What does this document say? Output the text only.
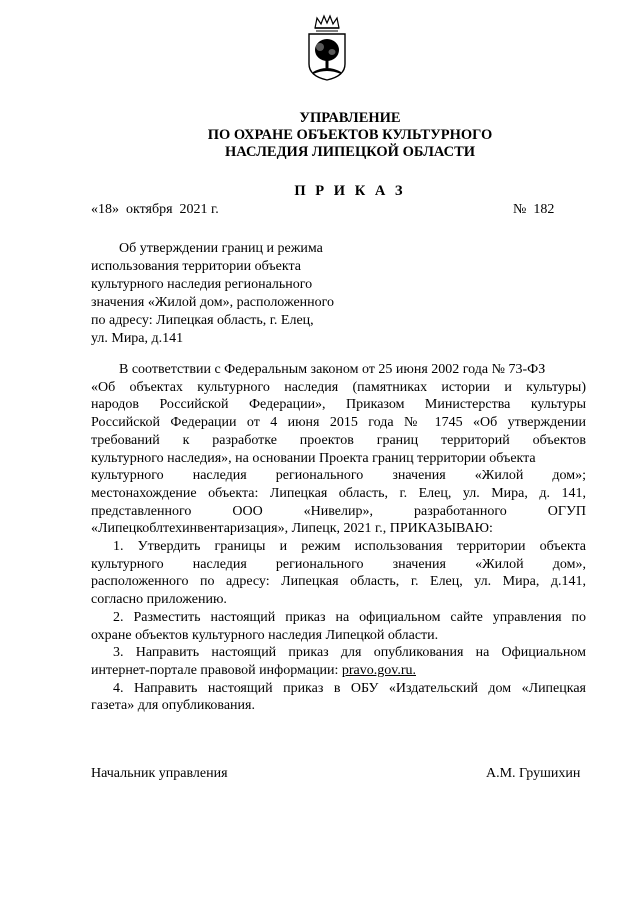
УПРАВЛЕНИЕ
ПО ОХРАНЕ ОБЪЕКТОВ КУЛЬТУРНОГО
НАСЛЕДИЯ ЛИПЕЦКОЙ ОБЛАСТИ
П Р И К А З
«18»  октября  2021 г.	№  182
Об утверждении границ и режима
использования территории объекта
культурного наследия регионального
значения «Жилой дом», расположенного
по адресу: Липецкая область, г. Елец,
ул. Мира, д.141
В соответствии с Федеральным законом от 25 июня 2002 года № 73-ФЗ
«Об объектах культурного наследия (памятниках истории и культуры)
народов Российской Федерации», Приказом Министерства культуры
Российской Федерации от 4 июня 2015 года № 1745 «Об утверждении
требований к разработке проектов границ территорий объектов
культурного наследия», на основании Проекта границ территории объекта
культурного наследия регионального значения «Жилой дом»;
местонахождение объекта: Липецкая область, г. Елец, ул. Мира, д. 141,
представленного ООО «Нивелир», разработанного ОГУП
«Липецкоблтехинвентаризация», Липецк, 2021 г., ПРИКАЗЫВАЮ:
1. Утвердить границы и режим использования территории объекта
культурного наследия регионального значения «Жилой дом»,
расположенного по адресу: Липецкая область, г. Елец, ул. Мира, д.141,
согласно приложению.
2. Разместить настоящий приказ на официальном сайте управления по
охране объектов культурного наследия Липецкой области.
3. Направить настоящий приказ для опубликования на Официальном
интернет-портале правовой информации: pravo.gov.ru.
4. Направить настоящий приказ в ОБУ «Издательский дом «Липецкая
газета» для опубликования.
Начальник управления	А.М. Грушихин
